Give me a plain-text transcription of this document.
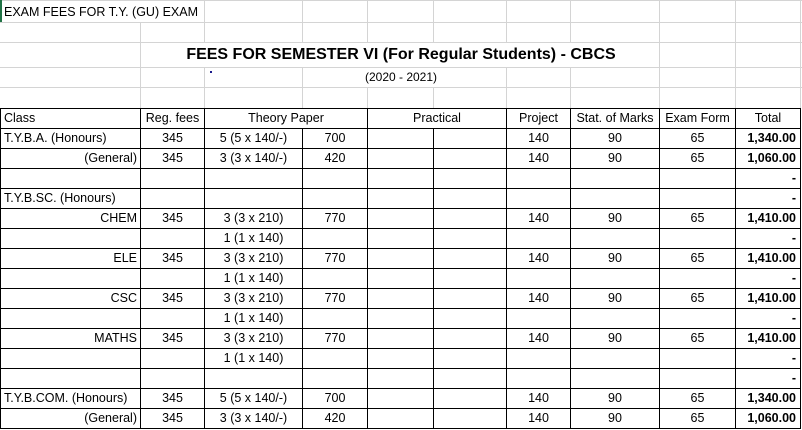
EXAM FEES FOR T.Y. (GU) EXAM
FEES FOR SEMESTER VI (For Regular Students) - CBCS
(2020 - 2021)
Class	Reg. fees	Theory Paper		Practical		Project	Stat. of Marks	Exam Form	Total
T.Y.B.A. (Honours)	345	5 (5 x 140/-)	700			140	90	65	1,340.00
(General)	345	3 (3 x 140/-)	420			140	90	65	1,060.00
									-
T.Y.B.SC. (Honours)									-
CHEM	345	3 (3 x 210)	770			140	90	65	1,410.00
		1 (1 x 140)							-
ELE	345	3 (3 x 210)	770			140	90	65	1,410.00
		1 (1 x 140)							-
CSC	345	3 (3 x 210)	770			140	90	65	1,410.00
		1 (1 x 140)							-
MATHS	345	3 (3 x 210)	770			140	90	65	1,410.00
		1 (1 x 140)							-
									-
T.Y.B.COM. (Honours)	345	5 (5 x 140/-)	700			140	90	65	1,340.00
(General)	345	3 (3 x 140/-)	420			140	90	65	1,060.00
